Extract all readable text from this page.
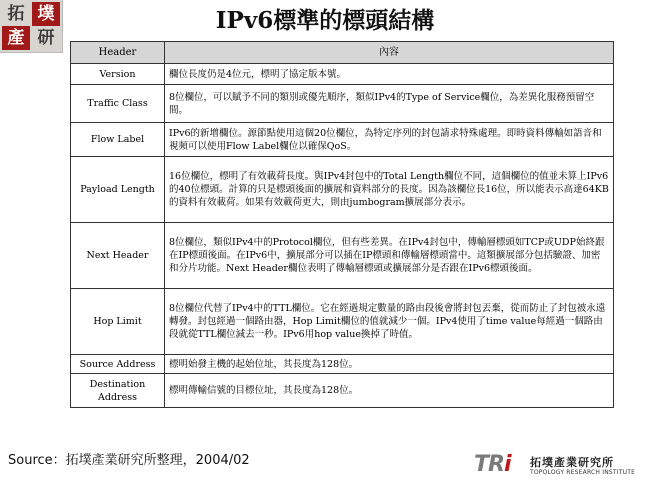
拓 墣
產 研
IPv6標準的標頭結構
Header	內容
Version	欄位長度仍是4位元，標明了協定版本號。
Traffic Class	8位欄位，可以賦予不同的類別或優先順序，類似IPv4的Type of Service欄位，為差異化服務預留空間。
Flow Label	IPv6的新增欄位。源節點使用這個20位欄位，為特定序列的封包請求特殊處理。即時資料傳輸如語音和視頻可以使用Flow Label欄位以確保QoS。
Payload Length	16位欄位，標明了有效載荷長度。與IPv4封包中的Total Length欄位不同，這個欄位的值並未算上IPv6的40位標頭。計算的只是標頭後面的擴展和資料部分的長度。因為該欄位長16位，所以能表示高達64KB的資料有效載荷。如果有效載荷更大，則由jumbogram擴展部分表示。
Next Header	8位欄位，類似IPv4中的Protocol欄位，但有些差異。在IPv4封包中，傳輸層標頭如TCP或UDP始終跟在IP標頭後面。在IPv6中，擴展部分可以插在IP標頭和傳輸層標頭當中。這類擴展部分包括驗證、加密和分片功能。Next Header欄位表明了傳輸層標頭或擴展部分是否跟在IPv6標頭後面。
Hop Limit	8位欄位代替了IPv4中的TTL欄位。它在經過規定數量的路由段後會將封包丟棄，從而防止了封包被永遠轉發。封包經過一個路由器，Hop Limit欄位的值就減少一個。IPv4使用了time value每經過一個路由段就從TTL欄位減去一秒。IPv6用hop value換掉了時值。
Source Address	標明始發主機的起始位址，其長度為128位。
Destination Address	標明傳輸信號的目標位址，其長度為128位。
Source：拓墣產業研究所整理，2004/02	TRi 拓墣產業研究所
TOPOLOGY RESEARCH INSTITUTE
